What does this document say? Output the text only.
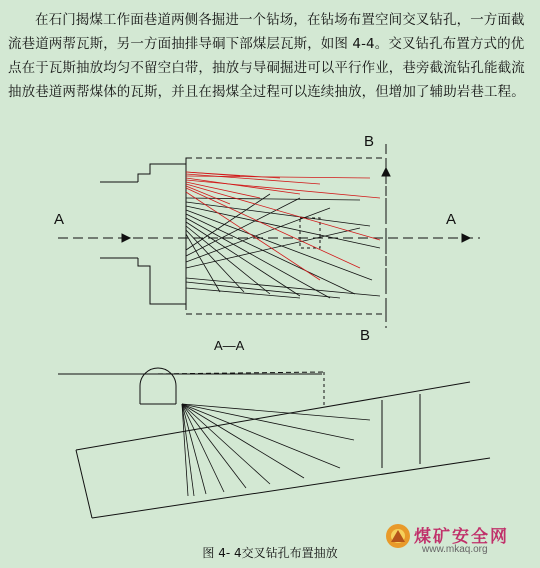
在石门揭煤工作面巷道两侧各掘进一个钻场，在钻场布置空间交叉钻孔，一方面截流巷道两帮瓦斯，另一方面抽排导硐下部煤层瓦斯，如图 4-4。交叉钻孔布置方式的优点在于瓦斯抽放均匀不留空白带，抽放与导硐掘进可以平行作业，巷旁截流钻孔能截流抽放巷道两帮煤体的瓦斯，并且在揭煤全过程可以连续抽放，但增加了辅助岩巷工程。

A	A
B
B
A—A
图 4- 4交叉钻孔布置抽放
煤矿安全网
www.mkaq.org
